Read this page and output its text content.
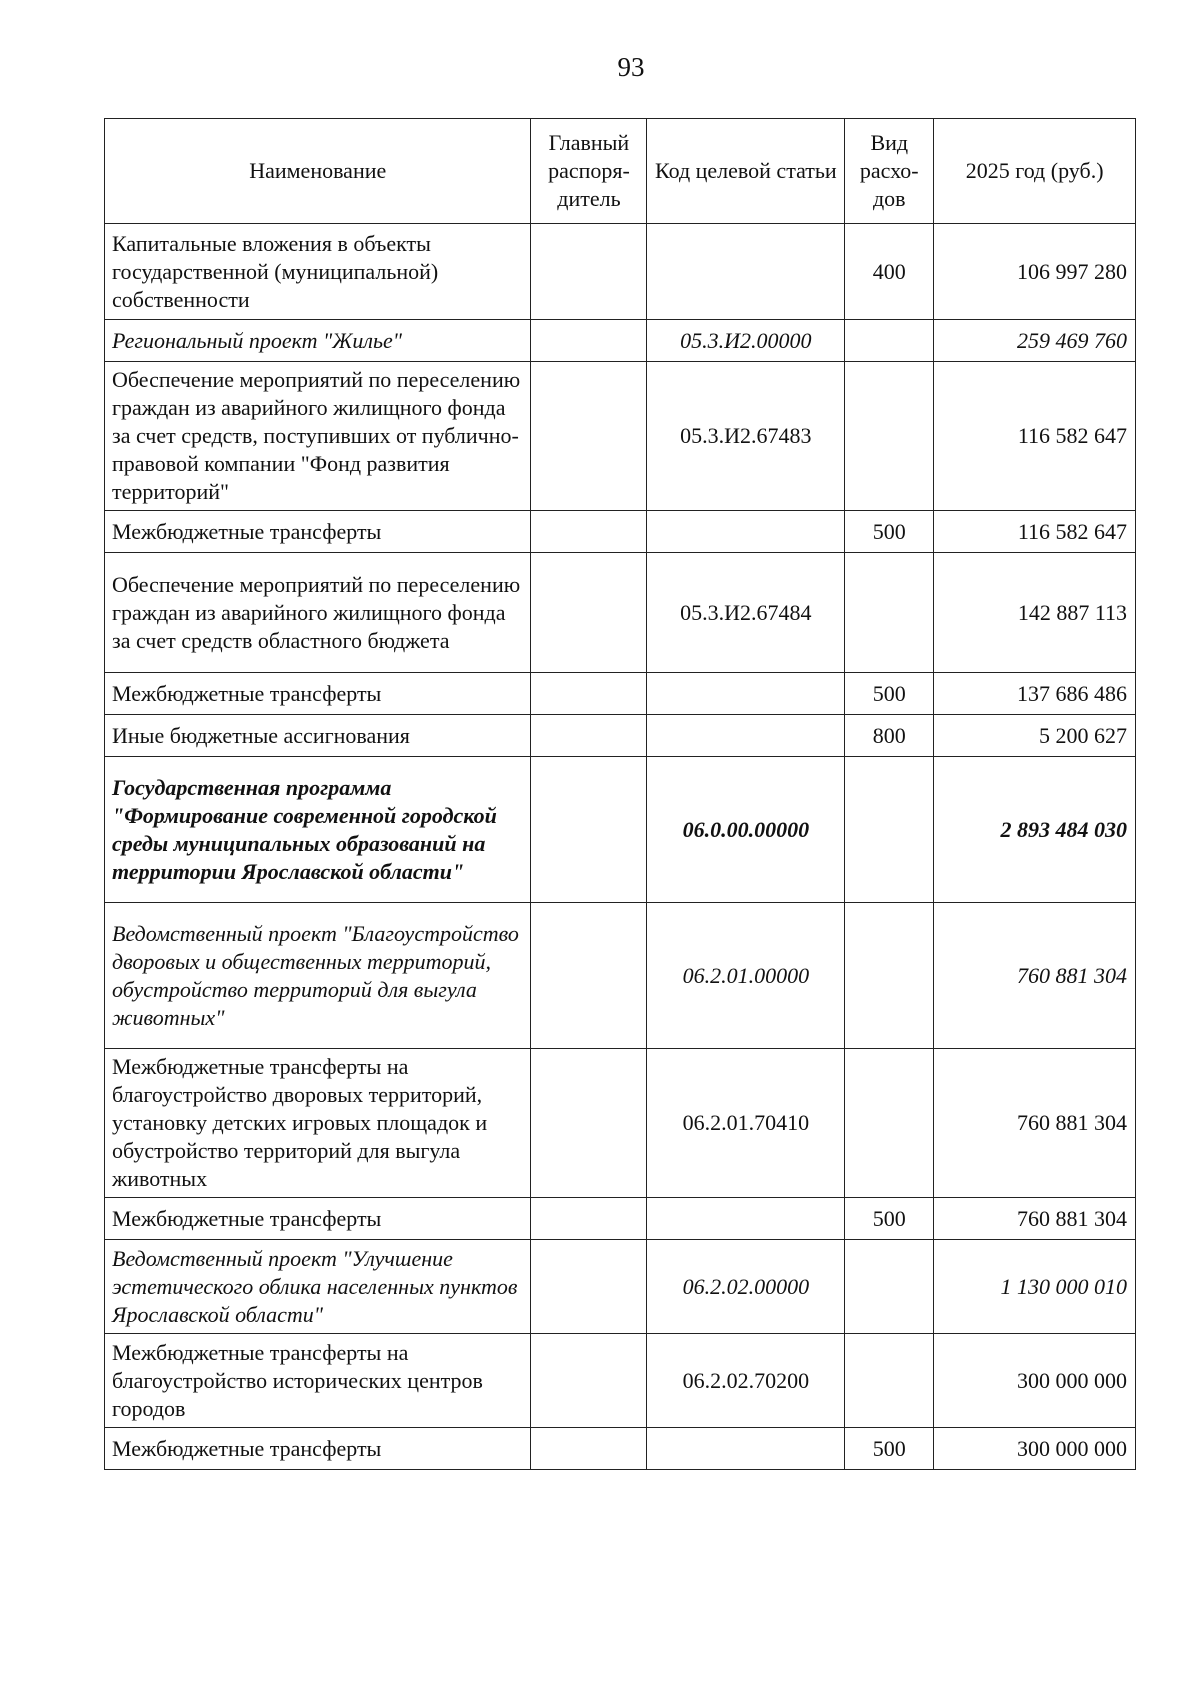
93
Наименование	Главный распоря-дитель	Код целевой статьи	Вид расхо-дов	2025 год (руб.)
Капитальные вложения в объекты государственной (муниципальной) собственности			400	106 997 280
Региональный проект "Жилье"		05.3.И2.00000		259 469 760
Обеспечение мероприятий по переселению граждан из аварийного жилищного фонда за счет средств, поступивших от публично-правовой компании "Фонд развития территорий"		05.3.И2.67483		116 582 647
Межбюджетные трансферты			500	116 582 647
Обеспечение мероприятий по переселению граждан из аварийного жилищного фонда за счет средств областного бюджета		05.3.И2.67484		142 887 113
Межбюджетные трансферты			500	137 686 486
Иные бюджетные ассигнования			800	5 200 627
Государственная программа "Формирование современной городской среды муниципальных образований на территории Ярославской области"		06.0.00.00000		2 893 484 030
Ведомственный проект "Благоустройство дворовых и общественных территорий, обустройство территорий для выгула животных"		06.2.01.00000		760 881 304
Межбюджетные трансферты на благоустройство дворовых территорий, установку детских игровых площадок и обустройство территорий для выгула животных		06.2.01.70410		760 881 304
Межбюджетные трансферты			500	760 881 304
Ведомственный проект "Улучшение эстетического облика населенных пунктов Ярославской области"		06.2.02.00000		1 130 000 010
Межбюджетные трансферты на благоустройство исторических центров городов		06.2.02.70200		300 000 000
Межбюджетные трансферты			500	300 000 000
